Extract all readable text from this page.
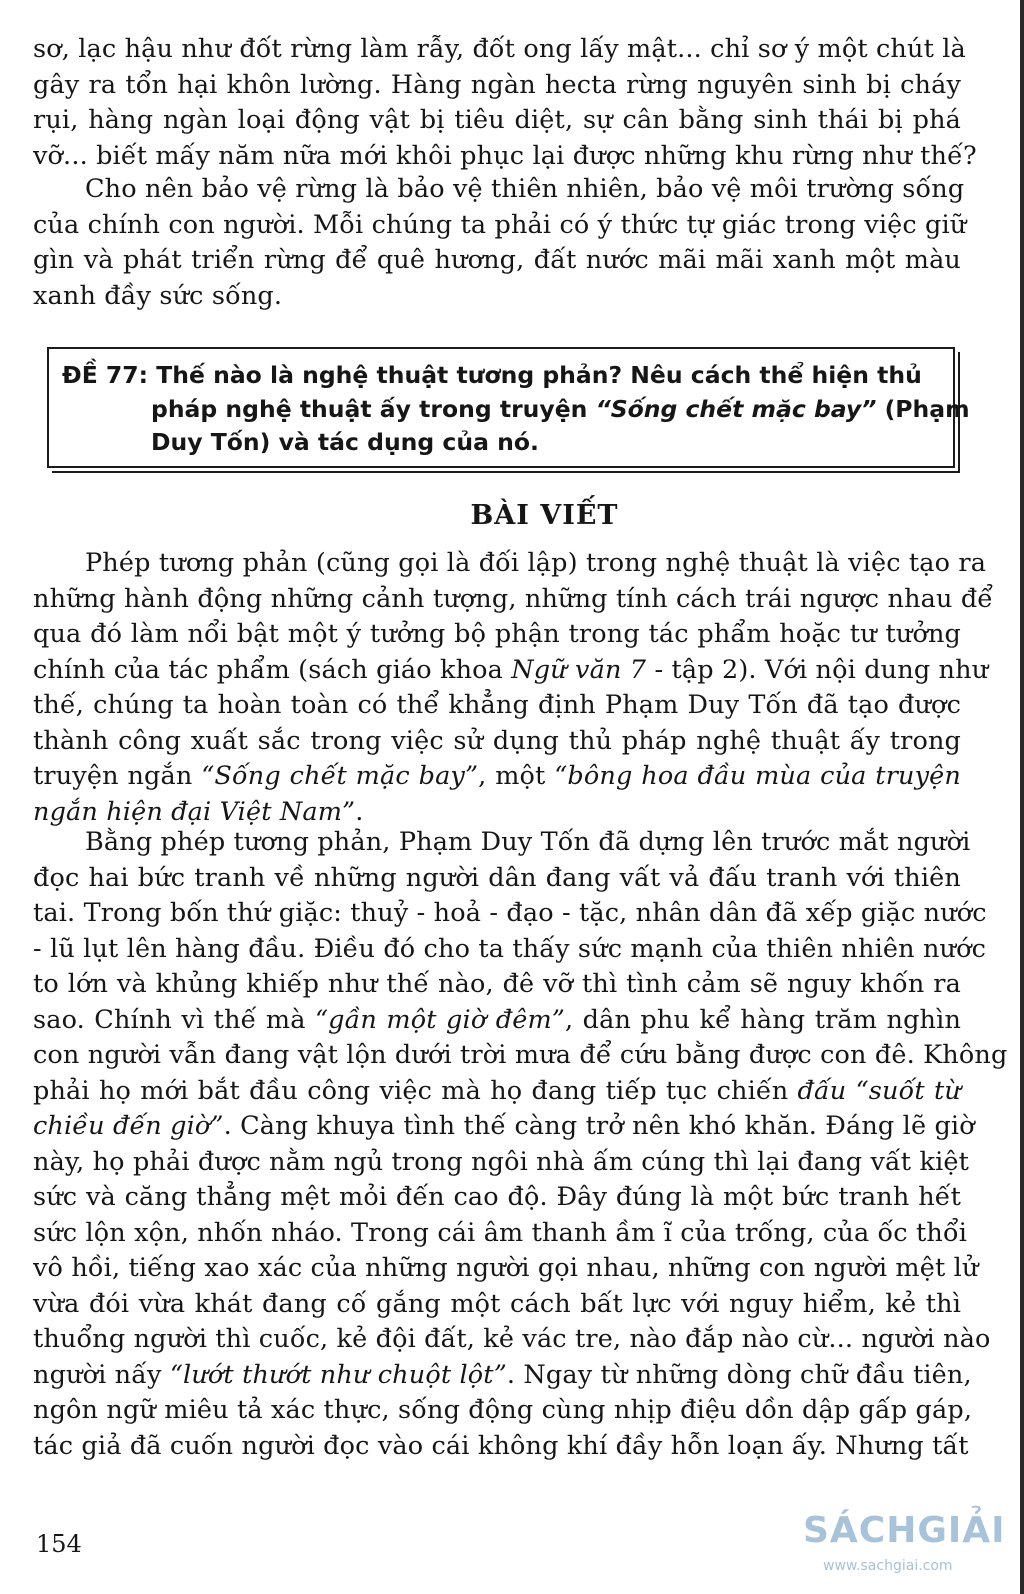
sơ, lạc hậu như đốt rừng làm rẫy, đốt ong lấy mật... chỉ sơ ý một chút là
gây ra tổn hại khôn lường. Hàng ngàn hecta rừng nguyên sinh bị cháy
rụi, hàng ngàn loại động vật bị tiêu diệt, sự cân bằng sinh thái bị phá
vỡ... biết mấy năm nữa mới khôi phục lại được những khu rừng như thế?
Cho nên bảo vệ rừng là bảo vệ thiên nhiên, bảo vệ môi trường sống
của chính con người. Mỗi chúng ta phải có ý thức tự giác trong việc giữ
gìn và phát triển rừng để quê hương, đất nước mãi mãi xanh một màu
xanh đầy sức sống.
ĐỀ 77: Thế nào là nghệ thuật tương phản? Nêu cách thể hiện thủ
pháp nghệ thuật ấy trong truyện “Sống chết mặc bay” (Phạm
Duy Tốn) và tác dụng của nó.
BÀI VIẾT
Phép tương phản (cũng gọi là đối lập) trong nghệ thuật là việc tạo ra
những hành động những cảnh tượng, những tính cách trái ngược nhau để
qua đó làm nổi bật một ý tưởng bộ phận trong tác phẩm hoặc tư tưởng
chính của tác phẩm (sách giáo khoa Ngữ văn 7 - tập 2). Với nội dung như
thế, chúng ta hoàn toàn có thể khẳng định Phạm Duy Tốn đã tạo được
thành công xuất sắc trong việc sử dụng thủ pháp nghệ thuật ấy trong
truyện ngắn “Sống chết mặc bay”, một “bông hoa đầu mùa của truyện
ngắn hiện đại Việt Nam”.
Bằng phép tương phản, Phạm Duy Tốn đã dựng lên trước mắt người
đọc hai bức tranh về những người dân đang vất vả đấu tranh với thiên
tai. Trong bốn thứ giặc: thuỷ - hoả - đạo - tặc, nhân dân đã xếp giặc nước
- lũ lụt lên hàng đầu. Điều đó cho ta thấy sức mạnh của thiên nhiên nước
to lớn và khủng khiếp như thế nào, đê vỡ thì tình cảm sẽ nguy khốn ra
sao. Chính vì thế mà “gần một giờ đêm”, dân phu kể hàng trăm nghìn
con người vẫn đang vật lộn dưới trời mưa để cứu bằng được con đê. Không
phải họ mới bắt đầu công việc mà họ đang tiếp tục chiến đấu “suốt từ
chiều đến giờ”. Càng khuya tình thế càng trở nên khó khăn. Đáng lẽ giờ
này, họ phải được nằm ngủ trong ngôi nhà ấm cúng thì lại đang vất kiệt
sức và căng thẳng mệt mỏi đến cao độ. Đây đúng là một bức tranh hết
sức lộn xộn, nhốn nháo. Trong cái âm thanh ầm ĩ của trống, của ốc thổi
vô hồi, tiếng xao xác của những người gọi nhau, những con người mệt lử
vừa đói vừa khát đang cố gắng một cách bất lực với nguy hiểm, kẻ thì
thuổng người thì cuốc, kẻ đội đất, kẻ vác tre, nào đắp nào cừ... người nào
người nấy “lướt thướt như chuột lột”. Ngay từ những dòng chữ đầu tiên,
ngôn ngữ miêu tả xác thực, sống động cùng nhịp điệu dồn dập gấp gáp,
tác giả đã cuốn người đọc vào cái không khí đầy hỗn loạn ấy. Nhưng tất
154	SÁCHGIẢI
www.sachgiai.com
